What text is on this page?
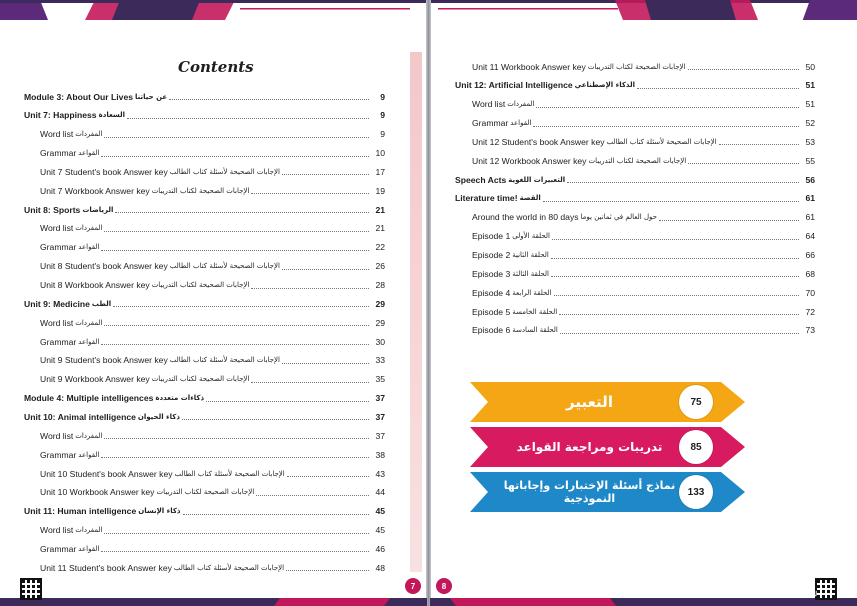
Contents
Module 3: About Our Lives عن حياتنا	9
Unit 7: Happiness السعادة	9
Word list المفردات	9
Grammar القواعد	10
Unit 7 Student's book Answer key الإجابات الصحيحة لأسئلة كتاب الطالب	17
Unit 7 Workbook Answer key الإجابات الصحيحة لكتاب التدريبات	19
Unit 8: Sports الرياضات	21
Word list المفردات	21
Grammar القواعد	22
Unit 8 Student's book Answer key الإجابات الصحيحة لأسئلة كتاب الطالب	26
Unit 8 Workbook Answer key الإجابات الصحيحة لكتاب التدريبات	28
Unit 9: Medicine الطب	29
Word list المفردات	29
Grammar القواعد	30
Unit 9 Student's book Answer key الإجابات الصحيحة لأسئلة كتاب الطالب	33
Unit 9 Workbook Answer key الإجابات الصحيحة لكتاب التدريبات	35
Module 4: Multiple intelligences ذكاءات متعددة	37
Unit 10: Animal intelligence ذكاء الحيوان	37
Word list المفردات	37
Grammar القواعد	38
Unit 10 Student's book Answer key الإجابات الصحيحة لأسئلة كتاب الطالب	43
Unit 10 Workbook Answer key الإجابات الصحيحة لكتاب التدريبات	44
Unit 11: Human intelligence ذكاء الإنسان	45
Word list المفردات	45
Grammar القواعد	46
Unit 11 Student's book Answer key الإجابات الصحيحة لأسئلة كتاب الطالب	48
Unit 11 Workbook Answer key الإجابات الصحيحة لكتاب التدريبات	50
Unit 12: Artificial Intelligence الذكاء الإصطناعي	51
Word list المفردات	51
Grammar القواعد	52
Unit 12 Student's book Answer key الإجابات الصحيحة لأسئلة كتاب الطالب	53
Unit 12 Workbook Answer key الإجابات الصحيحة لكتاب التدريبات	55
Speech Acts التعبيرات اللغوية	56
Literature time! القصة	61
Around the world in 80 days حول العالم في ثمانين يوما	61
Episode 1 الحلقة الأولى	64
Episode 2 الحلقة الثانية	66
Episode 3 الحلقة الثالثة	68
Episode 4 الحلقة الرابعة	70
Episode 5 الحلقة الخامسة	72
Episode 6 الحلقة السادسة	73
التعبير	75
تدريبات ومراجعة القواعد	85
نماذج أسئلة الإختبارات وإجاباتها النموذجية	133
www.al-morshid.net 55194267
7	8
للاستفسار والشكاوى والطلبات
